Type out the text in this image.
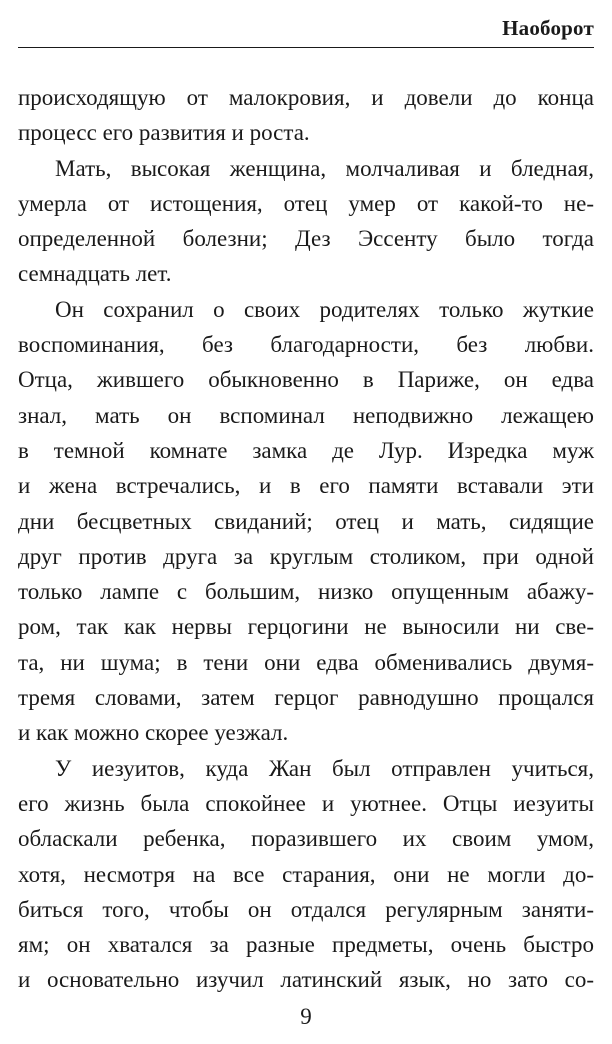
Наоборот
происходящую от малокровия, и довели до конца
процесс его развития и роста.
Мать, высокая женщина, молчаливая и бледная,
умерла от истощения, отец умер от какой-то не-
определенной болезни; Дез Эссенту было тогда
семнадцать лет.
Он сохранил о своих родителях только жуткие
воспоминания, без благодарности, без любви.
Отца, жившего обыкновенно в Париже, он едва
знал, мать он вспоминал неподвижно лежащею
в темной комнате замка де Лур. Изредка муж
и жена встречались, и в его памяти вставали эти
дни бесцветных свиданий; отец и мать, сидящие
друг против друга за круглым столиком, при одной
только лампе с большим, низко опущенным абажу-
ром, так как нервы герцогини не выносили ни све-
та, ни шума; в тени они едва обменивались двумя-
тремя словами, затем герцог равнодушно прощался
и как можно скорее уезжал.
У иезуитов, куда Жан был отправлен учиться,
его жизнь была спокойнее и уютнее. Отцы иезуиты
обласкали ребенка, поразившего их своим умом,
хотя, несмотря на все старания, они не могли до-
биться того, чтобы он отдался регулярным заняти-
ям; он хватался за разные предметы, очень быстро
и основательно изучил латинский язык, но зато со-
9
